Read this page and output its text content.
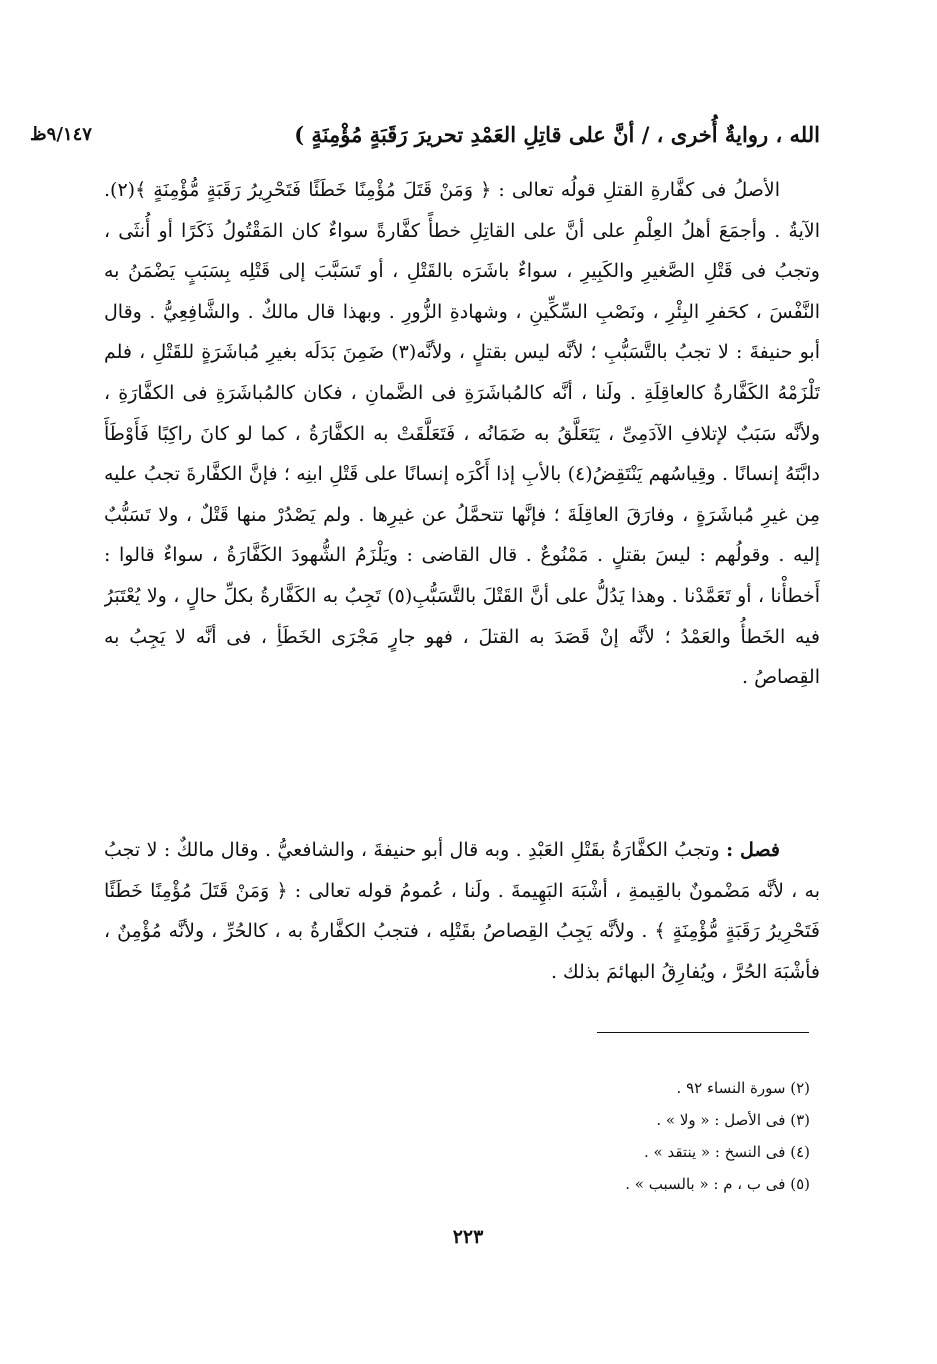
الله ، روايةٌ أُخرى ، / أنَّ على قاتِلِ العَمْدِ تحريرَ رَقَبَةٍ مُؤْمِنَةٍ )
٩/١٤٧ظ

الأصلُ فى كفَّارةِ القتلِ قولُه تعالى : ﴿ وَمَنْ قَتَلَ مُؤْمِنًا خَطَئًا فَتَحْرِيرُ رَقَبَةٍ مُّؤْمِنَةٍ ﴾(٢). الآيةُ . وأجمَعَ أهلُ العِلْمِ على أنَّ على القاتِلِ خطأً كفَّارةً سواءٌ كان المَقْتُولُ ذَكَرًا أو أُنثَى ، وتجبُ فى قَتْلِ الصَّغيرِ والكَبِيرِ ، سواءٌ باشَرَه بالقَتْلِ ، أو تَسَبَّبَ إلى قَتْلِه بِسَبَبٍ يَضْمَنُ به النَّفْسَ ، كحَفرِ البِئْرِ ، ونَصْبِ السِّكِّينِ ، وشهادةِ الزُّورِ . وبهذا قال مالكٌ . والشَّافِعِيُّ . وقال أبو حنيفةَ : لا تجبُ بالتَّسَبُّبِ ؛ لأنَّه ليس بقتلٍ ، ولأنَّه(٣) ضَمِنَ بَدَلَه بغيرِ مُباشَرَةٍ للقَتْلِ ، فلم تَلْزَمْهُ الكَفَّارةُ كالعاقِلَةِ . ولَنا ، أنَّه كالمُباشَرَةِ فى الضَّمانِ ، فكان كالمُباشَرَةِ فى الكفَّارَةِ ، ولأنَّه سَبَبٌ لإتلافِ الآدَمِىِّ ، يَتَعَلَّقُ به ضَمَانُه ، فَتَعَلَّقَتْ به الكفَّارَةُ ، كما لو كانَ راكِبًا فَأَوْطَأَ دابَّتَهُ إنسانًا . وقِياسُهم يَنْتَقِضُ(٤) بالأبِ إذا أَكْرَه إنسانًا على قَتْلِ ابنِه ؛ فإنَّ الكفَّارةَ تجبُ عليه مِن غيرِ مُباشَرَةٍ ، وفارَقَ العاقِلَةَ ؛ فإنَّها تتحمَّلُ عن غيرِها . ولم يَصْدُرْ منها قَتْلٌ ، ولا تَسَبُّبٌ إليه . وقولُهم : ليسَ بقتلٍ . مَمْنُوعٌ . قال القاضى : ويَلْزَمُ الشُّهودَ الكَفَّارَةُ ، سواءٌ قالوا : أَخطأْنا ، أو تَعَمَّدْنا . وهذا يَدُلُّ على أنَّ القَتْلَ بالتَّسَبُّبِ(٥) تَجِبُ به الكَفَّارةُ بكلِّ حالٍ ، ولا يُعْتَبَرُ فيه الخَطأُ والعَمْدُ ؛ لأنَّه إنْ قَصَدَ به القتلَ ، فهو جارٍ مَجْرَى الخَطَأِ ، فى أنَّه لا يَجِبُ به القِصاصُ .

فصل : وتجبُ الكفَّارَةُ بقَتْلِ العَبْدِ . وبه قال أبو حنيفةَ ، والشافعيُّ . وقال مالكٌ : لا تجبُ به ، لأنَّه مَضْمونٌ بالقِيمةِ ، أشْبَهَ البَهِيمةَ . ولَنا ، عُمومُ قوله تعالى : ﴿ وَمَنْ قَتَلَ مُؤْمِنًا خَطَئًا فَتَحْرِيرُ رَقَبَةٍ مُّؤْمِنَةٍ ﴾ . ولأنَّه يَجِبُ القِصاصُ بقَتْلِه ، فتجبُ الكفَّارةُ به ، كالحُرِّ ، ولأنَّه مُؤْمِنٌ ، فأشْبَهَ الحُرَّ ، ويُفارِقُ البهائمَ بذلك .

(٢) سورة النساء ٩٢ .
(٣) فى الأصل : « ولا » .
(٤) فى النسخ : « ينتقد » .
(٥) فى ب ، م : « بالسبب » .
٢٢٣
